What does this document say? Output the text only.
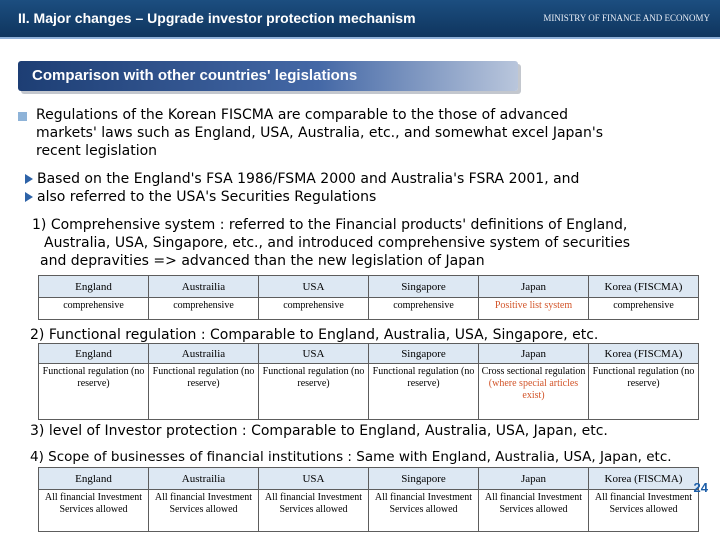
II. Major changes – Upgrade investor protection mechanism	MINISTRY OF FINANCE AND ECONOMY
Comparison with other countries' legislations
Regulations of the Korean FISCMA are comparable to the those of advanced
markets' laws such as England, USA, Australia, etc., and somewhat excel Japan's
recent legislation
Based on the England's FSA 1986/FSMA 2000 and Australia's FSRA 2001, and
also referred to the USA's Securities Regulations
1) Comprehensive system : referred to the Financial products' definitions of England,
Australia, USA, Singapore, etc., and introduced comprehensive system of securities
and depravities => advanced than the new legislation of Japan
England	Austrailia	USA	Singapore	Japan	Korea (FISCMA)
comprehensive	comprehensive	comprehensive	comprehensive	Positive list system	comprehensive
2) Functional regulation : Comparable to England, Australia, USA, Singapore, etc.
England	Austrailia	USA	Singapore	Japan	Korea (FISCMA)
Functional regulation (no reserve)	Functional regulation (no reserve)	Functional regulation (no reserve)	Functional regulation (no reserve)	Cross sectional regulation
(where special articles exist)	Functional regulation (no reserve)
3) level of Investor protection : Comparable to England, Australia, USA, Japan, etc.
4) Scope of businesses of financial institutions : Same with England, Australia, USA, Japan, etc.
England	Austrailia	USA	Singapore	Japan	Korea (FISCMA)
All financial Investment Services allowed	All financial Investment Services allowed	All financial Investment Services allowed	All financial Investment Services allowed	All financial Investment Services allowed	All financial Investment Services allowed
24
